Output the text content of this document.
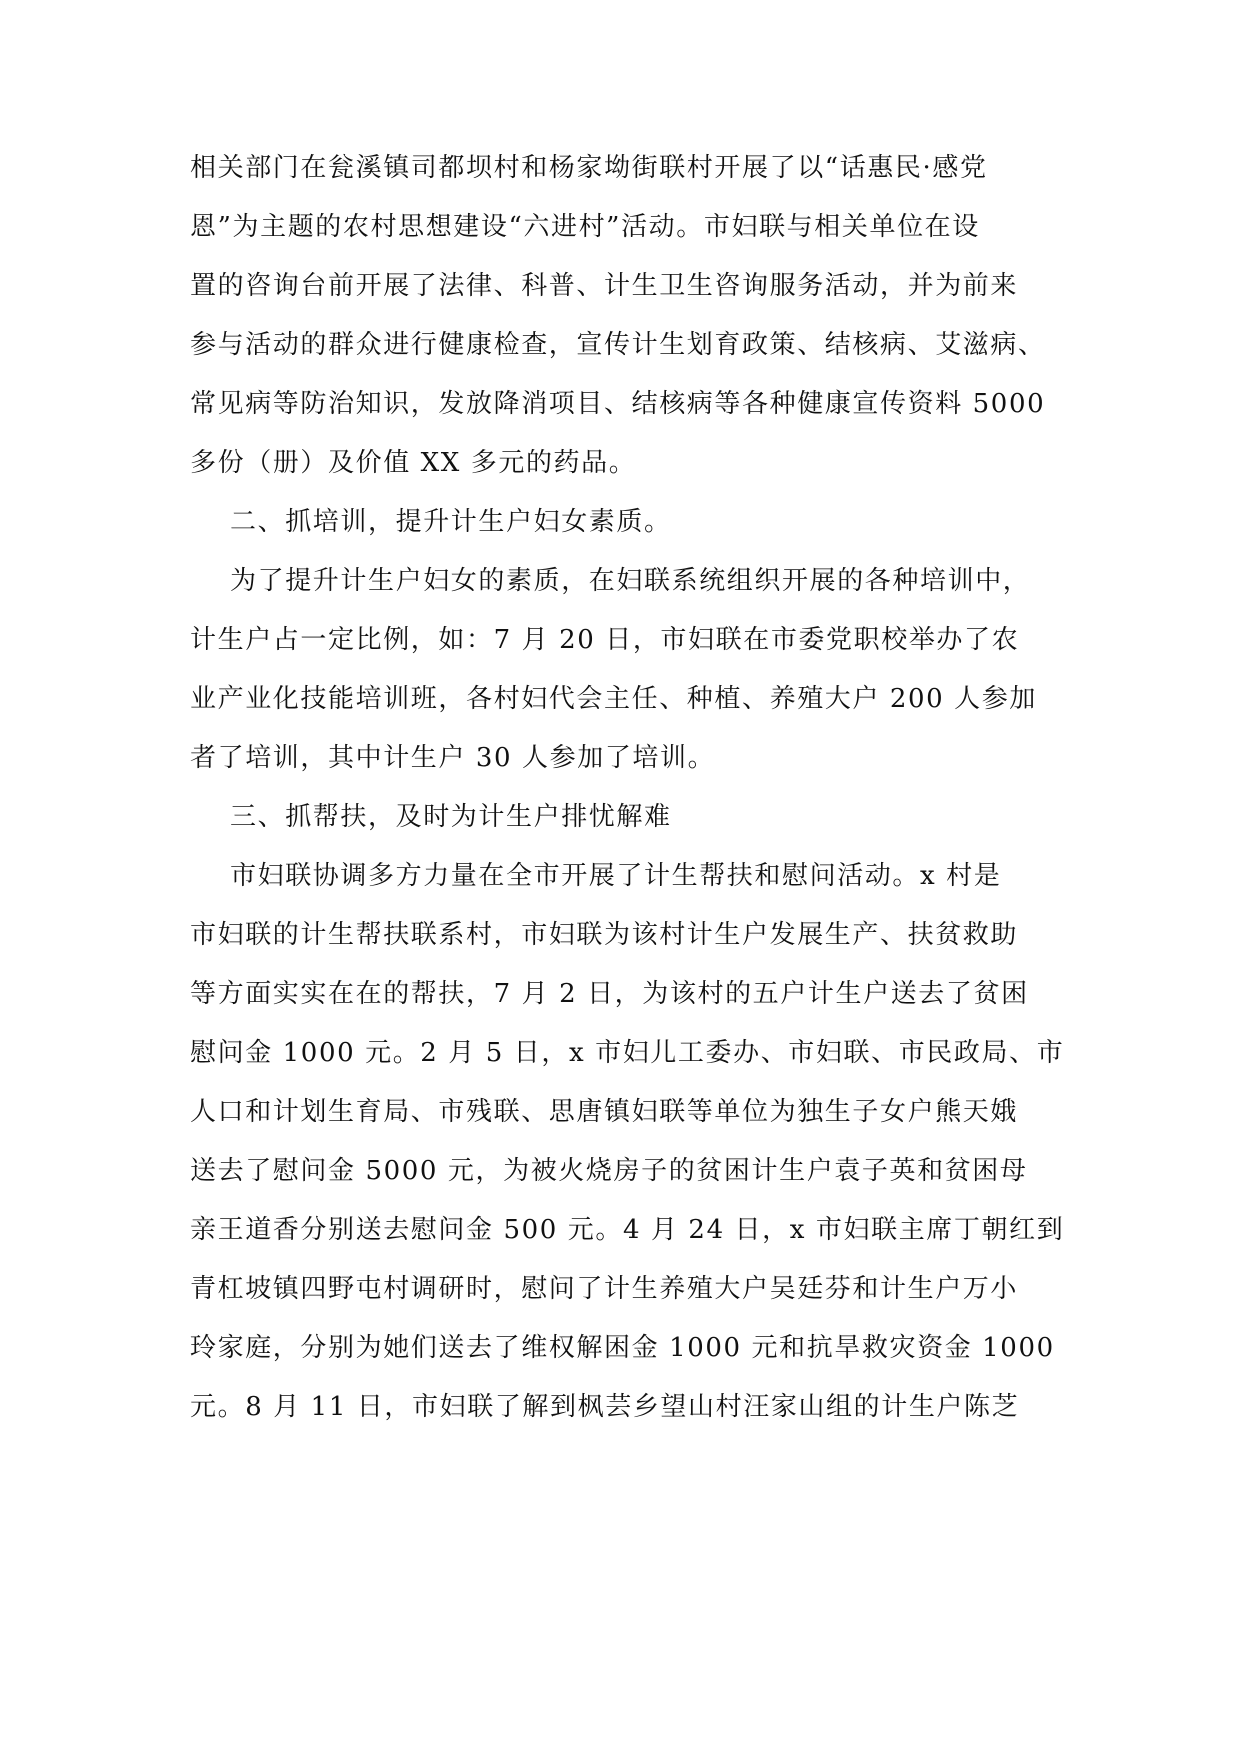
相关部门在瓮溪镇司都坝村和杨家坳街联村开展了以“话惠民·感党
恩”为主题的农村思想建设“六进村”活动。市妇联与相关单位在设
置的咨询台前开展了法律、科普、计生卫生咨询服务活动，并为前来
参与活动的群众进行健康检查，宣传计生划育政策、结核病、艾滋病、
常见病等防治知识，发放降消项目、结核病等各种健康宣传资料 5000
多份（册）及价值 XX 多元的药品。
二、抓培训，提升计生户妇女素质。
为了提升计生户妇女的素质，在妇联系统组织开展的各种培训中，
计生户占一定比例，如：7 月 20 日，市妇联在市委党职校举办了农
业产业化技能培训班，各村妇代会主任、种植、养殖大户 200 人参加
者了培训，其中计生户 30 人参加了培训。
三、抓帮扶，及时为计生户排忧解难
市妇联协调多方力量在全市开展了计生帮扶和慰问活动。x 村是
市妇联的计生帮扶联系村，市妇联为该村计生户发展生产、扶贫救助
等方面实实在在的帮扶，7 月 2 日，为该村的五户计生户送去了贫困
慰问金 1000 元。2 月 5 日，x 市妇儿工委办、市妇联、市民政局、市
人口和计划生育局、市残联、思唐镇妇联等单位为独生子女户熊天娥
送去了慰问金 5000 元，为被火烧房子的贫困计生户袁子英和贫困母
亲王道香分别送去慰问金 500 元。4 月 24 日，x 市妇联主席丁朝红到
青杠坡镇四野屯村调研时，慰问了计生养殖大户吴廷芬和计生户万小
玲家庭，分别为她们送去了维权解困金 1000 元和抗旱救灾资金 1000
元。8 月 11 日，市妇联了解到枫芸乡望山村汪家山组的计生户陈芝
